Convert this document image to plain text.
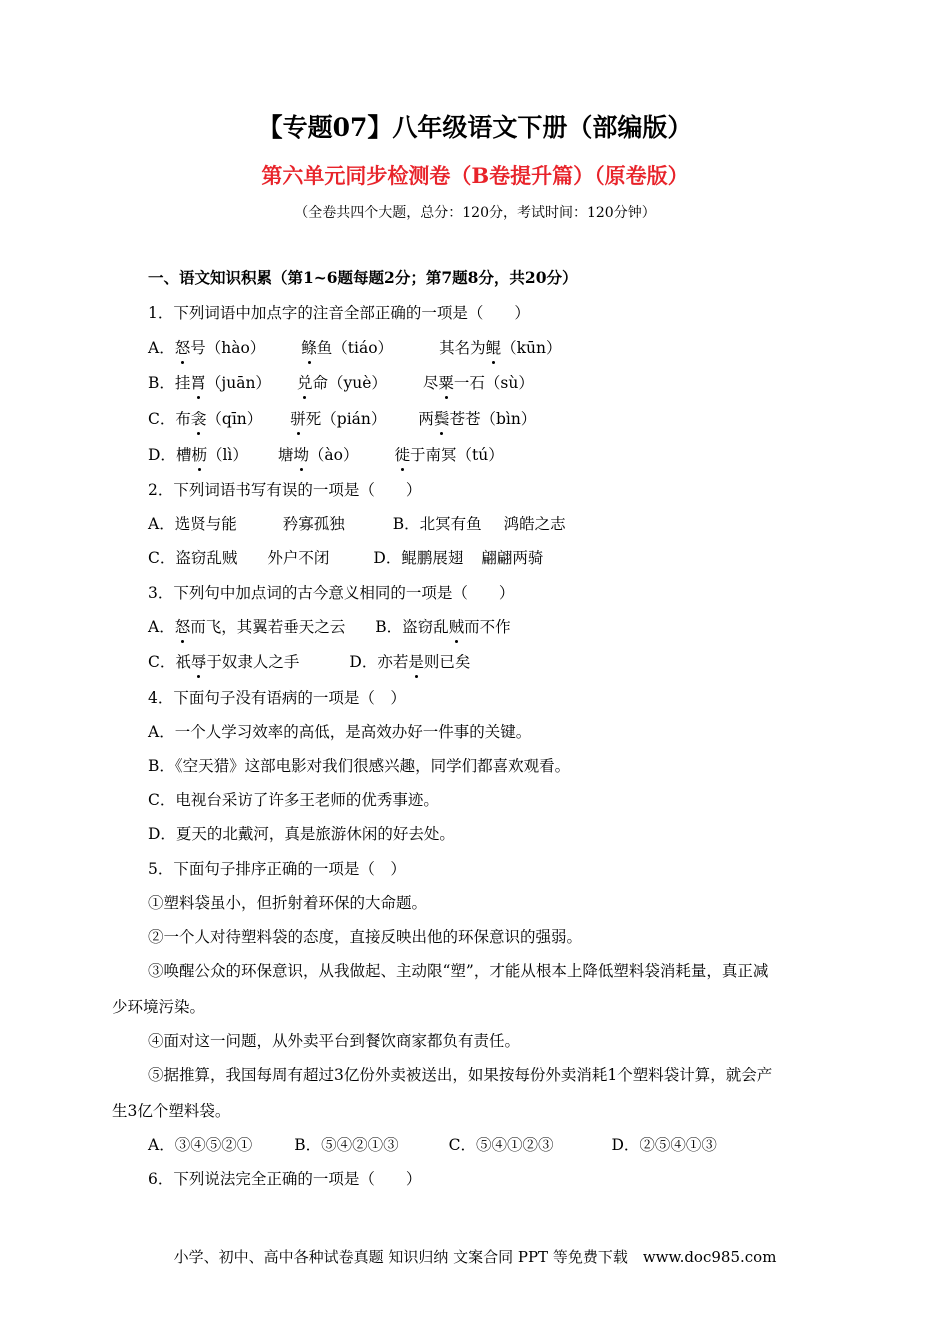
【专题07】八年级语文下册（部编版）
第六单元同步检测卷（B卷提升篇）（原卷版）
（全卷共四个大题，总分：120分，考试时间：120分钟）
一、语文知识积累（第1~6题每题2分；第7题8分，共20分）
1．下列词语中加点字的注音全部正确的一项是（　　）
A．怒号（hào） 鲦鱼（tiáo）	其名为鲲（kūn）
B．挂罥（juān） 兑命（yuè） 尽粟一石（sù）
C．布衾（qīn） 骈死（pián） 两鬓苍苍（bìn）
D．槽枥（lì） 塘坳（ào） 徙于南冥（tú）
2．下列词语书写有误的一项是（　　）
A．选贤与能	矜寡孤独	B．北冥有鱼 鸿皓之志
C．盗窃乱贼 外户不闭	D．鲲鹏展翅 翩翩两骑
3．下列句中加点词的古今意义相同的一项是（　　）
A．怒而飞，其翼若垂天之云 B．盗窃乱贼而不作
C．祇辱于奴隶人之手	D．亦若是则已矣
4．下面句子没有语病的一项是（　）
A．一个人学习效率的高低，是高效办好一件事的关键。
B．《空天猎》这部电影对我们很感兴趣，同学们都喜欢观看。
C．电视台采访了许多王老师的优秀事迹。
D．夏天的北戴河，真是旅游休闲的好去处。
5．下面句子排序正确的一项是（　）
①塑料袋虽小，但折射着环保的大命题。
②一个人对待塑料袋的态度，直接反映出他的环保意识的强弱。
③唤醒公众的环保意识，从我做起、主动限“塑”，才能从根本上降低塑料袋消耗量，真正减
少环境污染。
④面对这一问题，从外卖平台到餐饮商家都负有责任。
⑤据推算，我国每周有超过3亿份外卖被送出，如果按每份外卖消耗1个塑料袋计算，就会产
生3亿个塑料袋。
A．③④⑤②①	B．⑤④②①③	C．⑤④①②③	D．②⑤④①③
6．下列说法完全正确的一项是（　　）
小学、初中、高中各种试卷真题 知识归纳 文案合同 PPT 等免费下载　www.doc985.com
